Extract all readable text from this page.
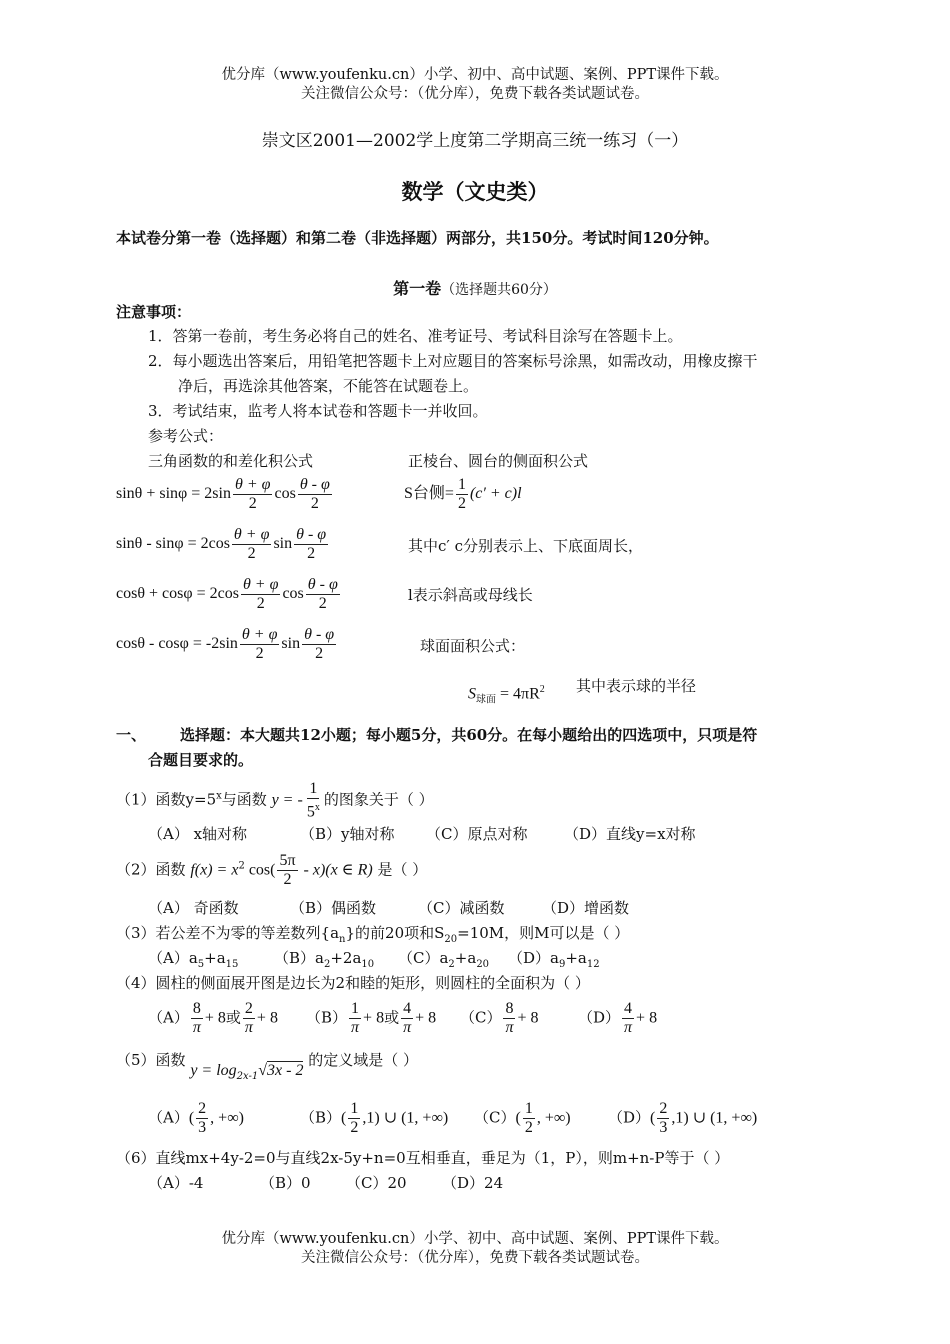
优分库（www.youfenku.cn）小学、初中、高中试题、案例、PPT课件下载。
关注微信公众号：（优分库），免费下载各类试题试卷。
崇文区2001—2002学上度第二学期高三统一练习（一）
数学（文史类）
本试卷分第一卷（选择题）和第二卷（非选择题）两部分，共150分。考试时间120分钟。
第一卷（选择题共60分）
注意事项：
1．答第一卷前，考生务必将自己的姓名、准考证号、考试科目涂写在答题卡上。
2．每小题选出答案后，用铅笔把答题卡上对应题目的答案标号涂黑，如需改动，用橡皮擦干
净后，再选涂其他答案，不能答在试题卷上。
3．考试结束，监考人将本试卷和答题卡一并收回。
参考公式：
三角函数的和差化积公式	正棱台、圆台的侧面积公式
$\sin\theta + \sin\varphi = 2\sin \frac{\theta + \varphi}{2}$ $\cos \frac{\theta - \varphi}{2}$	S台侧= $\frac{1}{2} (c' + c)l$
$\sin\theta - \sin\varphi = 2\cos \frac{\theta + \varphi}{2}$ $\sin \frac{\theta - \varphi}{2}$	其中c′ c分别表示上、下底面周长，
$\cos\theta + \cos\varphi = 2\cos \frac{\theta + \varphi}{2}$ $\cos \frac{\theta - \varphi}{2}$	l表示斜高或母线长
$\cos\theta - \cos\varphi = -2\sin \frac{\theta + \varphi}{2}$ $\sin \frac{\theta - \varphi}{2}$	球面面积公式：
$S_{球面} = 4\pi R^2$ 其中表示球的半径
一、 选择题：本大题共12小题；每小题5分，共60分。在每小题给出的四选项中，只项是符
合题目要求的。
（1）函数$y=5^x$与函数 y = - $\frac{1}{5^x}$ 的图象关于（ ）
（A） x轴对称	（B）y轴对称 （C）原点对称 （D）直线y=x对称
（2）函数 $f(x) = x^2$ $\cos( \frac{5\pi}{2} - x)(x$ ∈ R) 是（ ）
（A） 奇函数	（B）偶函数	（C）减函数	（D）增函数
（3）若公差不为零的等差数列$\{a_n\}$的前20项和$S_{20}=10M$，则M可以是（ ）
$(A)a_5+a_{15}$ $(B)a_2+2a_{10}$ $(C)a_2+a_{20}$ $(D)a_9+a_{12}$
（4）圆柱的侧面展开图是边长为2和睦的矩形，则圆柱的全面积为（ ）
$(A) \frac{8}{\pi} + 8$或 $\frac{2}{\pi} + 8$ $(B) \frac{1}{\pi} + 8$或 $\frac{4}{\pi} + 8$ $(C) \frac{8}{\pi} + 8$	$(D) \frac{4}{\pi} + 8$
（5）函数 $y = \log_{2x-1}√3x - 2$ 的定义域是（ ）
$(A)( \frac{2}{3}$ , +∞)	$(B)( \frac{1}{2} ,1)$ ∪ (1, +∞) $(C)( \frac{1}{2}$ , +∞) $(D)( \frac{2}{3} ,1)$ ∪ (1, +∞)
（6）直线mx+4y-2=0与直线2x-5y+n=0互相垂直，垂足为（1，P），则m+n-P等于（ ）
（A）-4	（B）0 （C）20 （D）24
优分库（www.youfenku.cn）小学、初中、高中试题、案例、PPT课件下载。
关注微信公众号：（优分库），免费下载各类试题试卷。
